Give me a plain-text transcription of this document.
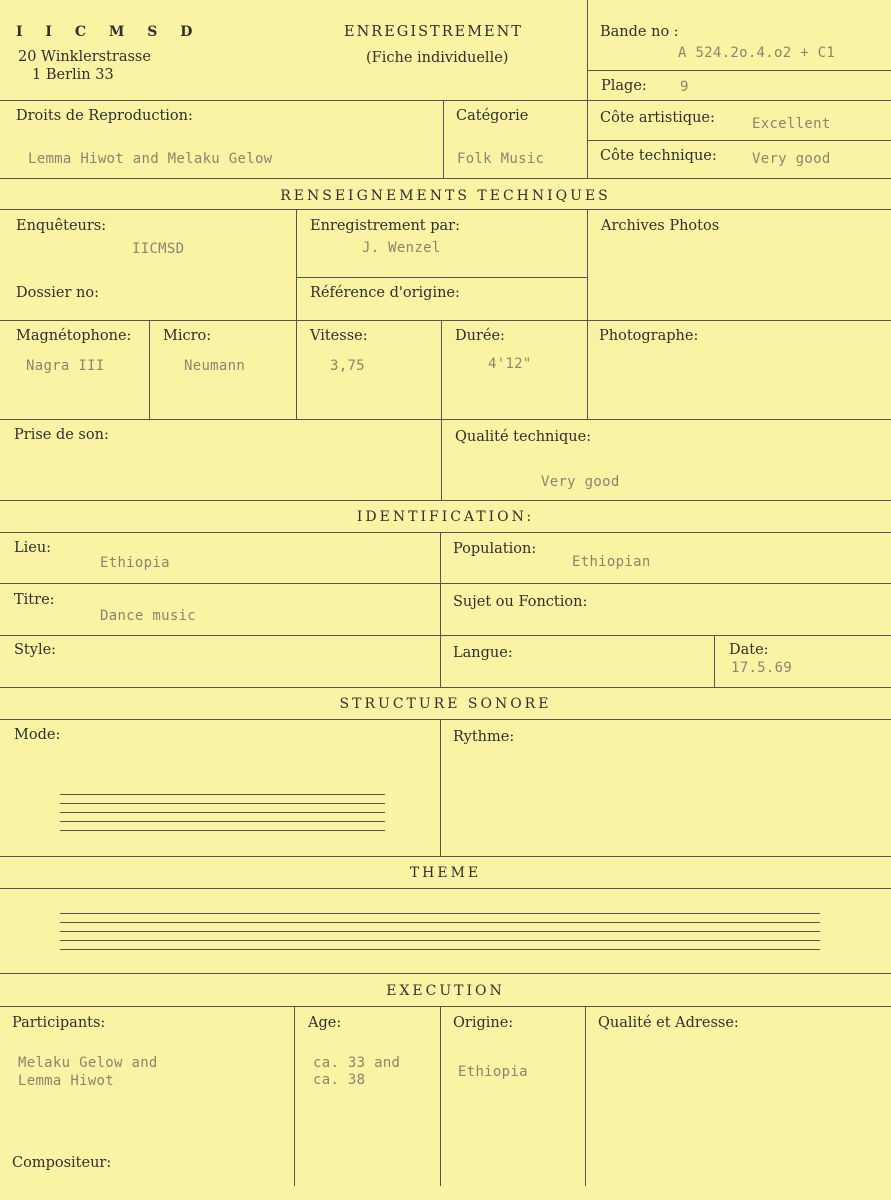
I I C M S D
20 Winklerstrasse
1 Berlin 33
ENREGISTREMENT
(Fiche individuelle)
Bande no :
A 524.2o.4.o2 + C1
Plage: 9
Droits de Reproduction:
Lemma Hiwot and Melaku Gelow
Catégorie
Folk Music
Côte artistique:	Excellent
Côte technique:	Very good
RENSEIGNEMENTS TECHNIQUES
Enquêteurs:
IICMSD
Enregistrement par:
J. Wenzel
Archives Photos
Dossier no:	Référence d'origine:
Magnétophone:
Nagra III
Micro:
Neumann
Vitesse:
3,75
Durée:
4'12"
Photographe:
Prise de son:	Qualité technique:
Very good
IDENTIFICATION:
Lieu:
Ethiopia
Population:
Ethiopian
Titre:
Dance music
Sujet ou Fonction:
Style:	Langue:	Date:
17.5.69
STRUCTURE SONORE
Mode:	Rythme:
THEME
EXECUTION
Participants:
Melaku Gelow and
Lemma Hiwot
Age:
ca. 33 and
ca. 38
Origine:
Ethiopia
Qualité et Adresse:
Compositeur:
